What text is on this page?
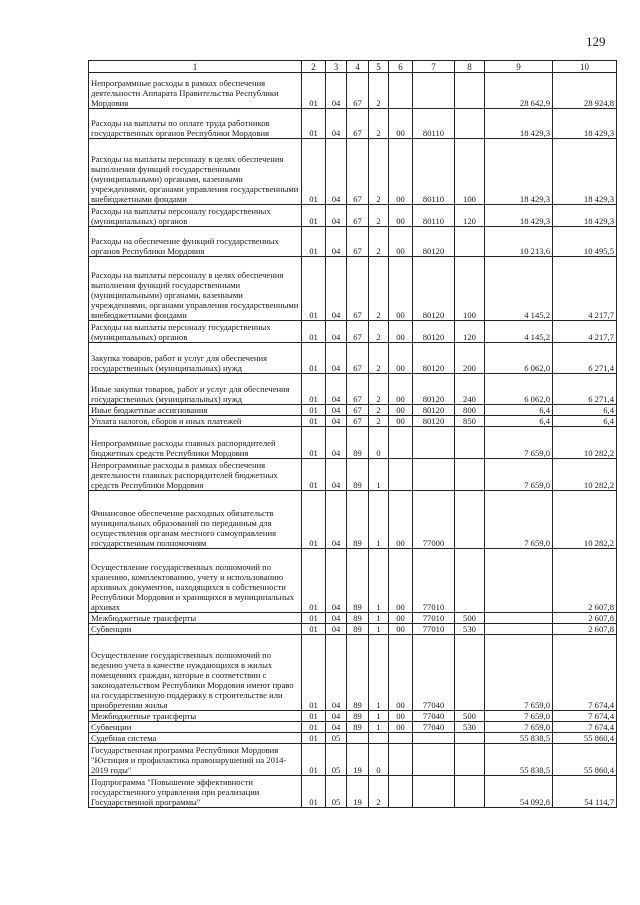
129
1	2	3	4	5	6	7	8	9	10
Непрограммные расходы в рамках обеспечения деятельности Аппарата Правительства Республики Мордовия	01	04	67	2				28 642,9	28 924,8
Расходы на выплаты по оплате труда работников государственных органов Республики Мордовия	01	04	67	2	00	80110		18 429,3	18 429,3
Расходы на выплаты персоналу в целях обеспечения выполнения функций государственными (муниципальными) органами, казенными учреждениями, органами управления государственными внебюджетными фондами	01	04	67	2	00	80110	100	18 429,3	18 429,3
Расходы на выплаты персоналу государственных (муниципальных) органов	01	04	67	2	00	80110	120	18 429,3	18 429,3
Расходы на обеспечение функций государственных органов Республики Мордовия	01	04	67	2	00	80120		10 213,6	10 495,5
Расходы на выплаты персоналу в целях обеспечения выполнения функций государственными (муниципальными) органами, казенными учреждениями, органами управления государственными внебюджетными фондами	01	04	67	2	00	80120	100	4 145,2	4 217,7
Расходы на выплаты персоналу государственных (муниципальных) органов	01	04	67	2	00	80120	120	4 145,2	4 217,7
Закупка товаров, работ и услуг для обеспечения государственных (муниципальных) нужд	01	04	67	2	00	80120	200	6 062,0	6 271,4
Иные закупки товаров, работ и услуг для обеспечения государственных (муниципальных) нужд	01	04	67	2	00	80120	240	6 062,0	6 271,4
Иные бюджетные ассигнования	01	04	67	2	00	80120	800	6,4	6,4
Уплата налогов, сборов и иных платежей	01	04	67	2	00	80120	850	6,4	6,4
Непрограммные расходы главных распорядителей бюджетных средств Республики Мордовия	01	04	89	0				7 659,0	10 282,2
Непрограммные расходы в рамках обеспечения деятельности главных распорядителей бюджетных средств Республики Мордовия	01	04	89	1				7 659,0	10 282,2
Финансовое обеспечение расходных обязательств муниципальных образований по переданным для осуществления органам местного самоуправления государственным полномочиям	01	04	89	1	00	77000		7 659,0	10 282,2
Осуществление государственных полномочий по хранению, комплектованию, учету и использованию архивных документов, находящихся в собственности Республики Мордовия и хранящихся в муниципальных архивах	01	04	89	1	00	77010			2 607,8
Межбюджетные трансферты	01	04	89	1	00	77010	500		2 607,8
Субвенции	01	04	89	1	00	77010	530		2 607,8
Осуществление государственных полномочий по ведению учета в качестве нуждающихся в жилых помещениях граждан, которые в соответствии с законодательством Республики Мордовия имеют право на государственную поддержку в строительстве или приобретении жилья	01	04	89	1	00	77040		7 659,0	7 674,4
Межбюджетные трансферты	01	04	89	1	00	77040	500	7 659,0	7 674,4
Субвенции	01	04	89	1	00	77040	530	7 659,0	7 674,4
Судебная система	01	05						55 838,5	55 860,4
Государственная программа Республики Мордовия "Юстиция и профилактика правонарушений на 2014-2019 годы"	01	05	19	0				55 838,5	55 860,4
Подпрограмма "Повышение эффективности государственного управления при реализации Государственной программы"	01	05	19	2				54 092,8	54 114,7
